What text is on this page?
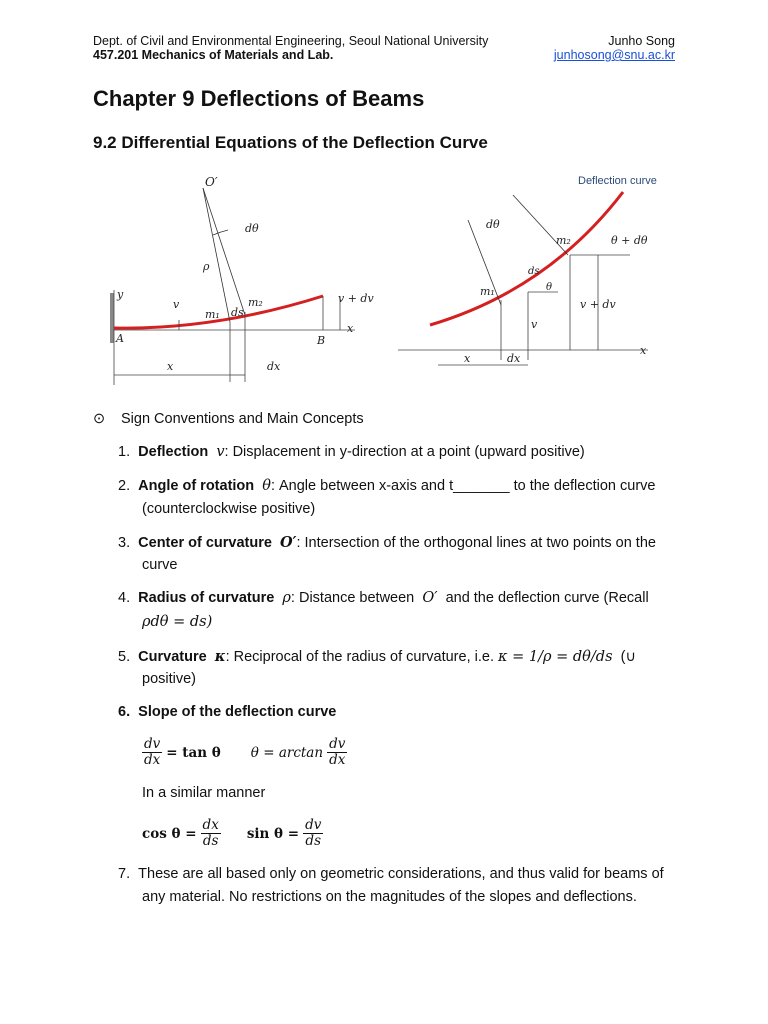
Dept. of Civil and Environmental Engineering, Seoul National University
457.201 Mechanics of Materials and Lab.
Junho Song
junhosong@snu.ac.kr
Chapter 9 Deflections of Beams
9.2 Differential Equations of the Deflection Curve
O′
dθ
ρ
y
v
m₁ ds
m₂	v + dv
x
A	B
x	dx
Deflection curve
dθ
m₂	θ + dθ
ds
θ
m₁
v + dv
v
x
x	dx
⊙ Sign Conventions and Main Concepts
1. Deflection v: Displacement in y-direction at a point (upward positive)
2. Angle of rotation θ: Angle between x-axis and t_______ to the deflection curve
(counterclockwise positive)
3. Center of curvature O′: Intersection of the orthogonal lines at two points on the
curve
4. Radius of curvature ρ: Distance between O′ and the deflection curve (Recall
ρdθ = ds)
5. Curvature κ: Reciprocal of the radius of curvature, i.e. κ = 1/ρ = dθ/ds (∪
positive)
6. Slope of the deflection curve
$\frac{dv}{dx} = \tan \theta$ $\theta = \arctan \frac{dv}{dx}$
In a similar manner
$\cos \theta = \frac{dx}{ds}$ $\sin \theta = \frac{dv}{ds}$
7. These are all based only on geometric considerations, and thus valid for beams of
any material. No restrictions on the magnitudes of the slopes and deflections.
